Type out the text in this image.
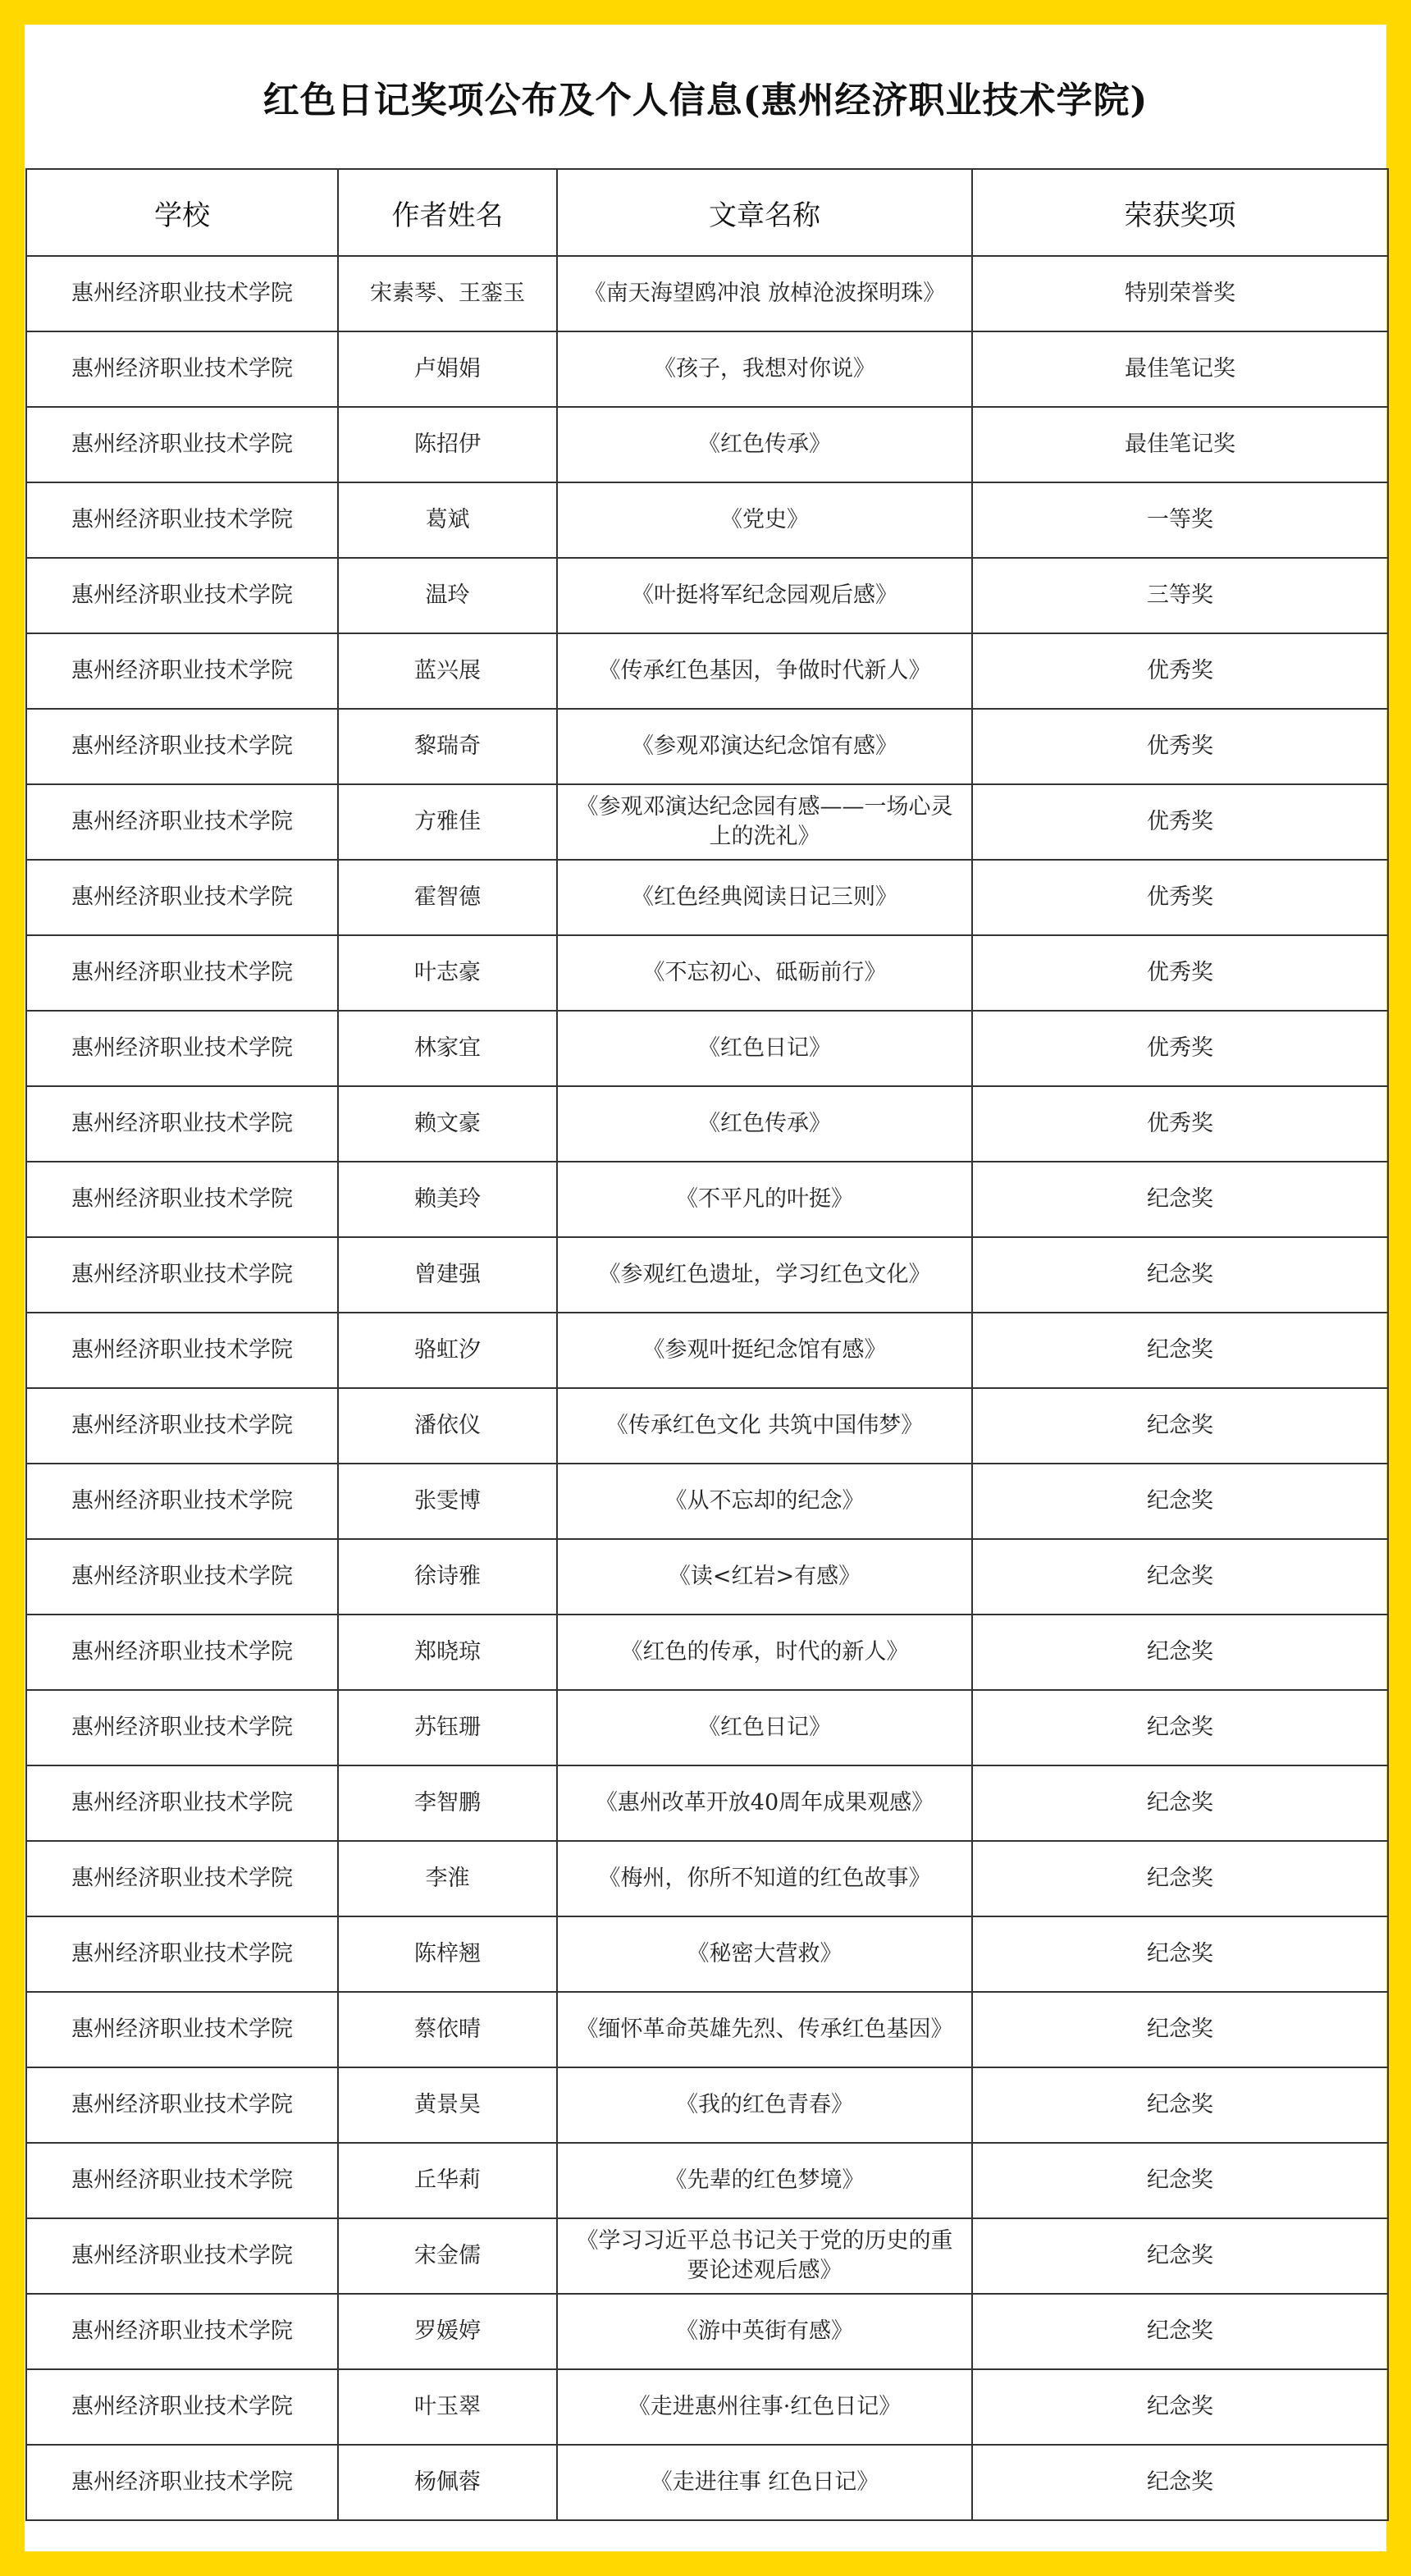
红色日记奖项公布及个人信息(惠州经济职业技术学院)
学校	作者姓名	文章名称	荣获奖项
惠州经济职业技术学院	宋素琴、王銮玉	《南天海望鸥冲浪 放棹沧波探明珠》	特别荣誉奖
惠州经济职业技术学院	卢娟娟	《孩子，我想对你说》	最佳笔记奖
惠州经济职业技术学院	陈招伊	《红色传承》	最佳笔记奖
惠州经济职业技术学院	葛斌	《党史》	一等奖
惠州经济职业技术学院	温玲	《叶挺将军纪念园观后感》	三等奖
惠州经济职业技术学院	蓝兴展	《传承红色基因，争做时代新人》	优秀奖
惠州经济职业技术学院	黎瑞奇	《参观邓演达纪念馆有感》	优秀奖
惠州经济职业技术学院	方雅佳	《参观邓演达纪念园有感——一场心灵上的洗礼》	优秀奖
惠州经济职业技术学院	霍智德	《红色经典阅读日记三则》	优秀奖
惠州经济职业技术学院	叶志豪	《不忘初心、砥砺前行》	优秀奖
惠州经济职业技术学院	林家宜	《红色日记》	优秀奖
惠州经济职业技术学院	赖文豪	《红色传承》	优秀奖
惠州经济职业技术学院	赖美玲	《不平凡的叶挺》	纪念奖
惠州经济职业技术学院	曾建强	《参观红色遗址，学习红色文化》	纪念奖
惠州经济职业技术学院	骆虹汐	《参观叶挺纪念馆有感》	纪念奖
惠州经济职业技术学院	潘依仪	《传承红色文化 共筑中国伟梦》	纪念奖
惠州经济职业技术学院	张雯博	《从不忘却的纪念》	纪念奖
惠州经济职业技术学院	徐诗雅	《读<红岩>有感》	纪念奖
惠州经济职业技术学院	郑晓琼	《红色的传承，时代的新人》	纪念奖
惠州经济职业技术学院	苏钰珊	《红色日记》	纪念奖
惠州经济职业技术学院	李智鹏	《惠州改革开放40周年成果观感》	纪念奖
惠州经济职业技术学院	李淮	《梅州，你所不知道的红色故事》	纪念奖
惠州经济职业技术学院	陈梓翘	《秘密大营救》	纪念奖
惠州经济职业技术学院	蔡依晴	《缅怀革命英雄先烈、传承红色基因》	纪念奖
惠州经济职业技术学院	黄景昊	《我的红色青春》	纪念奖
惠州经济职业技术学院	丘华莉	《先辈的红色梦境》	纪念奖
惠州经济职业技术学院	宋金儒	《学习习近平总书记关于党的历史的重要论述观后感》	纪念奖
惠州经济职业技术学院	罗媛婷	《游中英街有感》	纪念奖
惠州经济职业技术学院	叶玉翠	《走进惠州往事·红色日记》	纪念奖
惠州经济职业技术学院	杨佩蓉	《走进往事 红色日记》	纪念奖
